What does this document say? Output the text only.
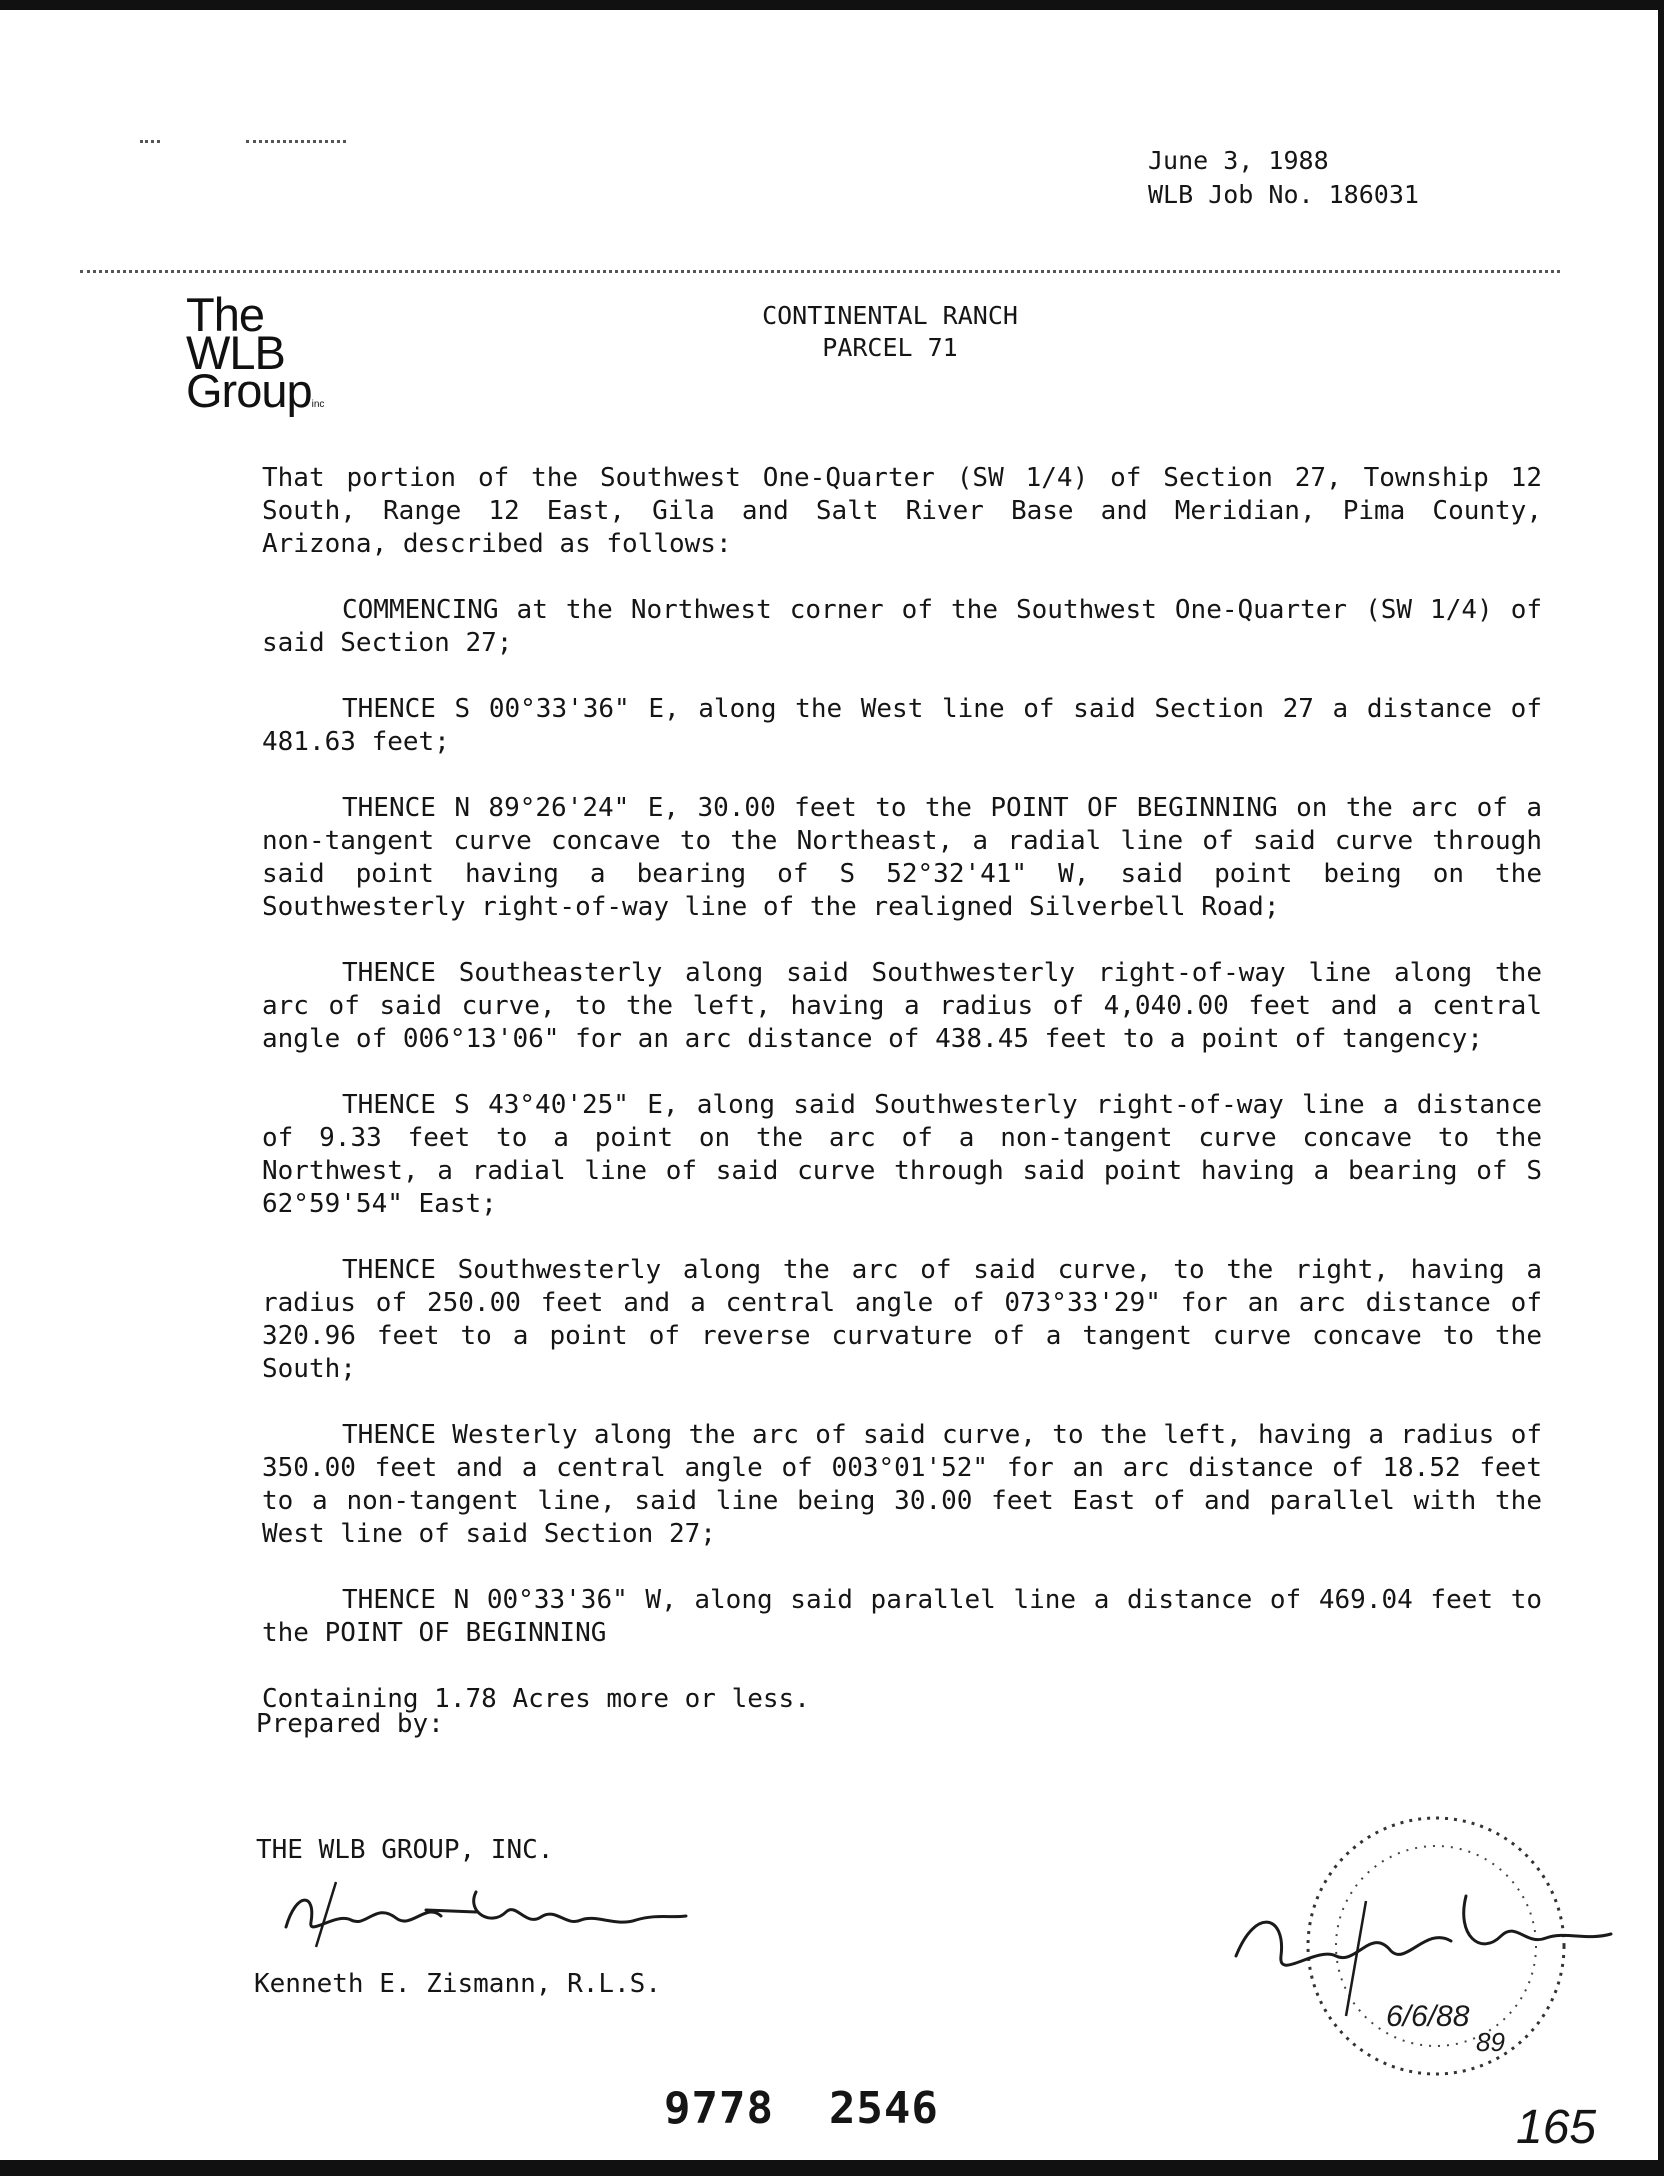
June 3, 1988
WLB Job No. 186031
The
WLB
Groupinc
CONTINENTAL RANCH
PARCEL 71

That portion of the Southwest One-Quarter (SW 1/4) of Section 27, Township 12 South, Range 12 East, Gila and Salt River Base and Meridian, Pima County, Arizona, described as follows:

COMMENCING at the Northwest corner of the Southwest One-Quarter (SW 1/4) of said Section 27;

THENCE S 00°33'36" E, along the West line of said Section 27 a distance of 481.63 feet;

THENCE N 89°26'24" E, 30.00 feet to the POINT OF BEGINNING on the arc of a non-tangent curve concave to the Northeast, a radial line of said curve through said point having a bearing of S 52°32'41" W, said point being on the Southwesterly right-of-way line of the realigned Silverbell Road;

THENCE Southeasterly along said Southwesterly right-of-way line along the arc of said curve, to the left, having a radius of 4,040.00 feet and a central angle of 006°13'06" for an arc distance of 438.45 feet to a point of tangency;

THENCE S 43°40'25" E, along said Southwesterly right-of-way line a distance of 9.33 feet to a point on the arc of a non-tangent curve concave to the Northwest, a radial line of said curve through said point having a bearing of S 62°59'54" East;

THENCE Southwesterly along the arc of said curve, to the right, having a radius of 250.00 feet and a central angle of 073°33'29" for an arc distance of 320.96 feet to a point of reverse curvature of a tangent curve concave to the South;

THENCE Westerly along the arc of said curve, to the left, having a radius of 350.00 feet and a central angle of 003°01'52" for an arc distance of 18.52 feet to a non-tangent line, said line being 30.00 feet East of and parallel with the West line of said Section 27;

THENCE N 00°33'36" W, along said parallel line a distance of 469.04 feet to the POINT OF BEGINNING

Containing 1.78 Acres more or less.

Prepared by:
THE WLB GROUP, INC.
Kenneth E. Zismann, R.L.S.
6/6/88
89
9778  2546	165
